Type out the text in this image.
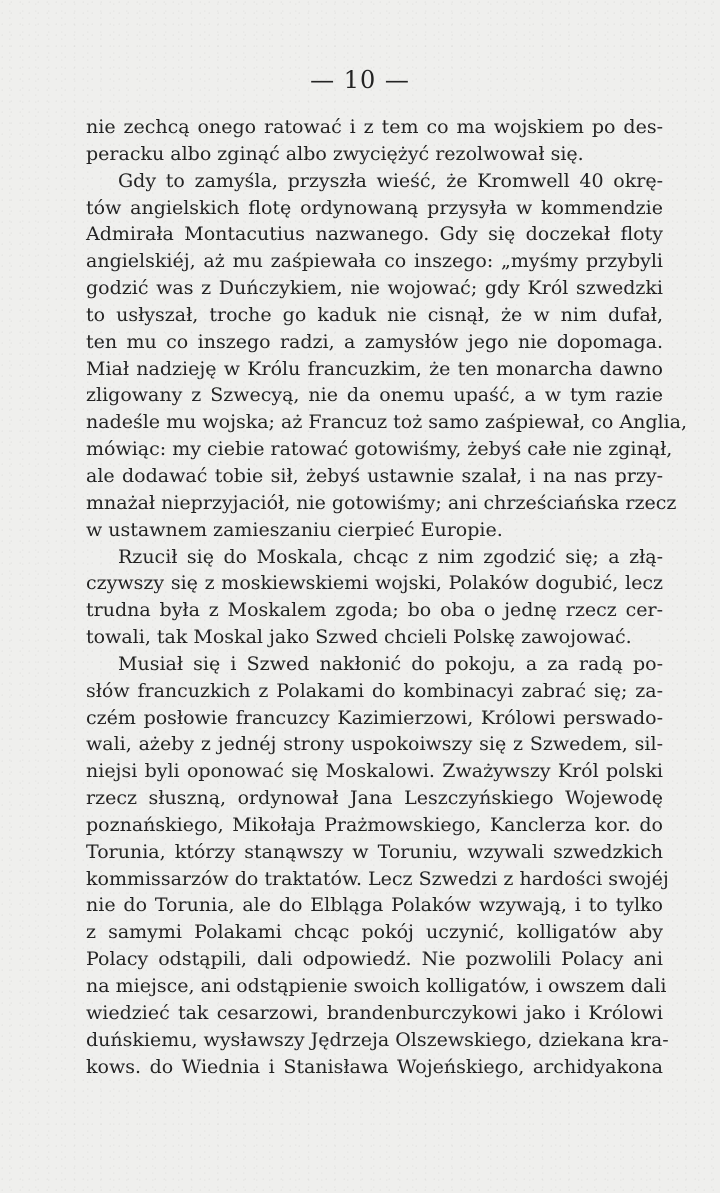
— 10 —
nie zechcą onego ratować i z tem co ma wojskiem po des-
peracku albo zginąć albo zwyciężyć rezolwował się.
Gdy to zamyśla, przyszła wieść, że Kromwell 40 okrę-
tów angielskich flotę ordynowaną przysyła w kommendzie
Admirała Montacutius nazwanego. Gdy się doczekał floty
angielskiéj, aż mu zaśpiewała co inszego: „myśmy przybyli
godzić was z Duńczykiem, nie wojować; gdy Król szwedzki
to usłyszał, troche go kaduk nie cisnął, że w nim dufał,
ten mu co inszego radzi, a zamysłów jego nie dopomaga.
Miał nadzieję w Królu francuzkim, że ten monarcha dawno
zligowany z Szwecyą, nie da onemu upaść, a w tym razie
nadeśle mu wojska; aż Francuz toż samo zaśpiewał, co Anglia,
mówiąc: my ciebie ratować gotowiśmy, żebyś całe nie zginął,
ale dodawać tobie sił, żebyś ustawnie szalał, i na nas przy-
mnażał nieprzyjaciół, nie gotowiśmy; ani chrześciańska rzecz
w ustawnem zamieszaniu cierpieć Europie.
Rzucił się do Moskala, chcąc z nim zgodzić się; a złą-
czywszy się z moskiewskiemi wojski, Polaków dogubić, lecz
trudna była z Moskalem zgoda; bo oba o jednę rzecz cer-
towali, tak Moskal jako Szwed chcieli Polskę zawojować.
Musiał się i Szwed nakłonić do pokoju, a za radą po-
słów francuzkich z Polakami do kombinacyi zabrać się; za-
czém posłowie francuzcy Kazimierzowi, Królowi perswado-
wali, ażeby z jednéj strony uspokoiwszy się z Szwedem, sil-
niejsi byli oponować się Moskalowi. Zważywszy Król polski
rzecz słuszną, ordynował Jana Leszczyńskiego Wojewodę
poznańskiego, Mikołaja Prażmowskiego, Kanclerza kor. do
Torunia, którzy stanąwszy w Toruniu, wzywali szwedzkich
kommissarzów do traktatów. Lecz Szwedzi z hardości swojéj
nie do Torunia, ale do Elbląga Polaków wzywają, i to tylko
z samymi Polakami chcąc pokój uczynić, kolligatów aby
Polacy odstąpili, dali odpowiedź. Nie pozwolili Polacy ani
na miejsce, ani odstąpienie swoich kolligatów, i owszem dali
wiedzieć tak cesarzowi, brandenburczykowi jako i Królowi
duńskiemu, wysławszy Jędrzeja Olszewskiego, dziekana kra-
kows. do Wiednia i Stanisława Wojeńskiego, archidyakona
